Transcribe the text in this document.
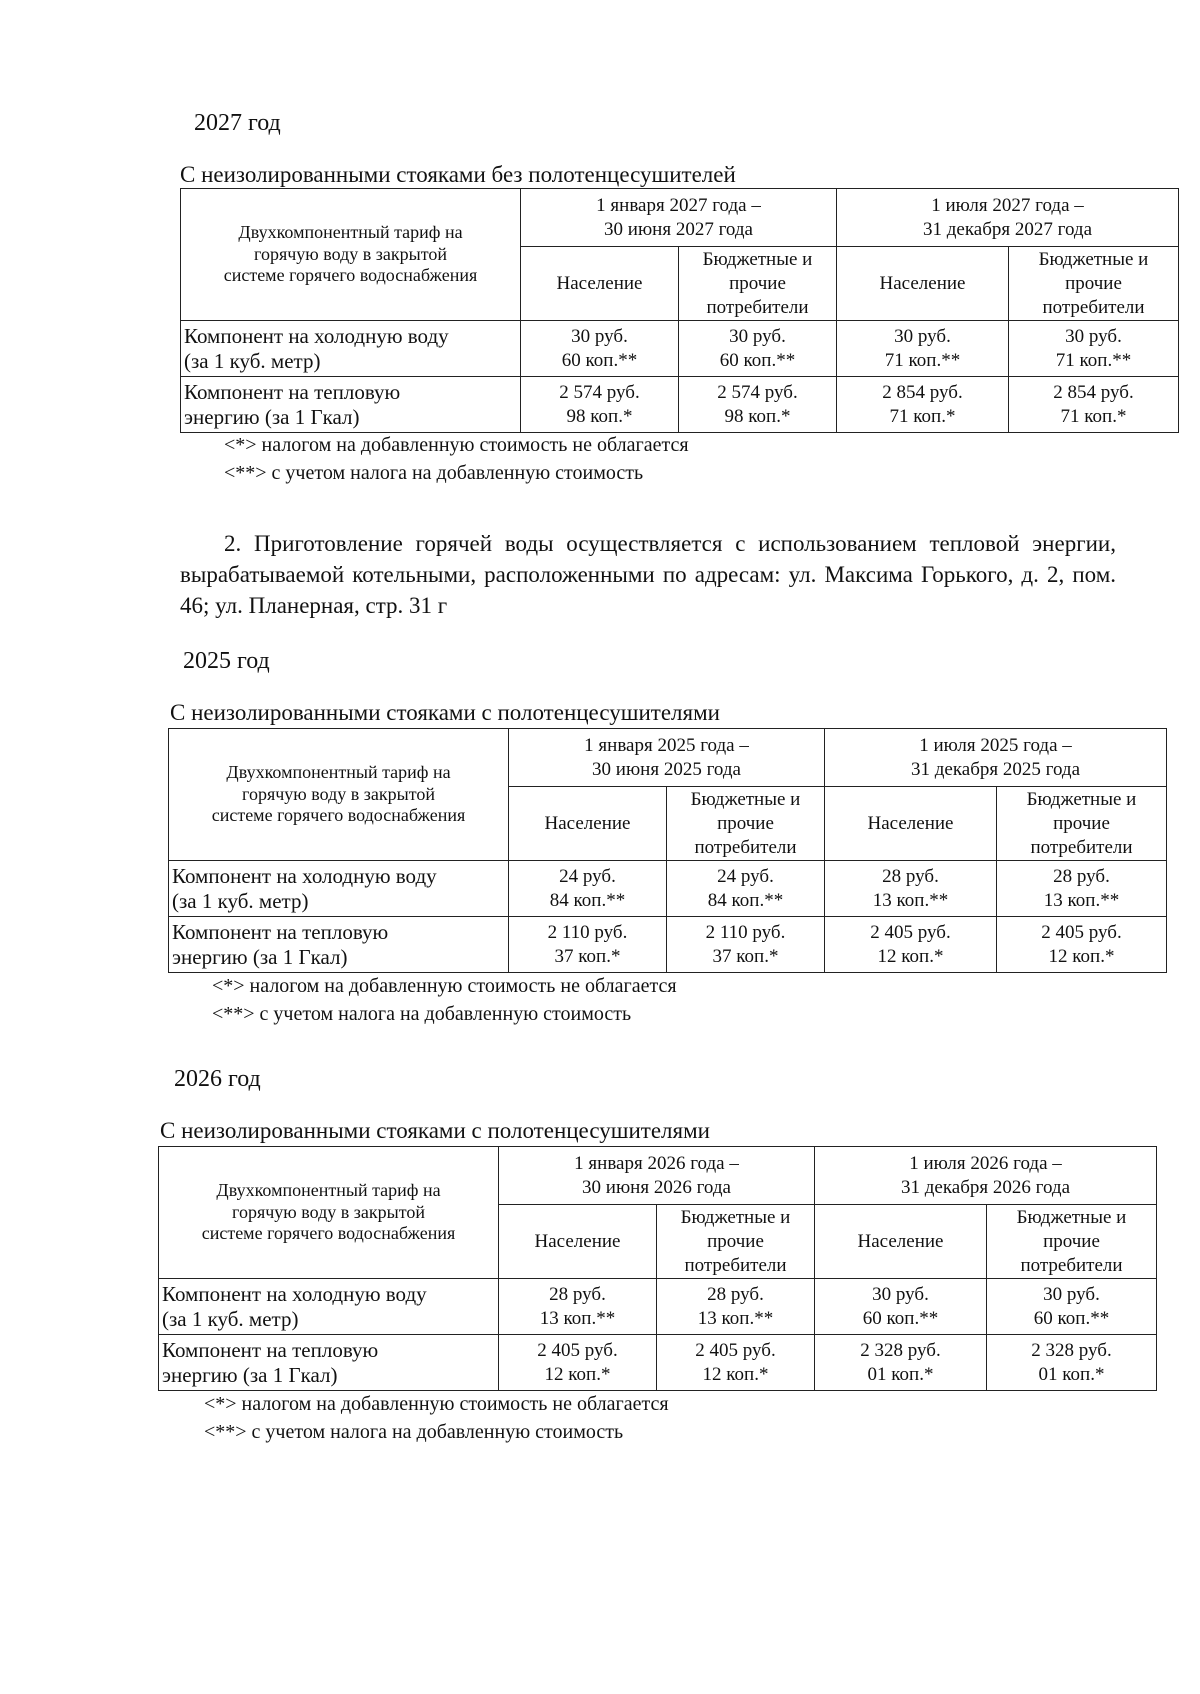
2027 год
С неизолированными стояками без полотенцесушителей
Двухкомпонентный тариф на
горячую воду в закрытой
системе горячего водоснабжения	1 января 2027 года –
30 июня 2027 года		1 июля 2027 года –
31 декабря 2027 года	

	Население	Бюджетные и
прочие
потребители	Население	Бюджетные и
прочие
потребители

Компонент на холодную воду
(за 1 куб. метр)	30 руб.
60 коп.**	30 руб.
60 коп.**	30 руб.
71 коп.**	30 руб.
71 коп.**

Компонент на тепловую
энергию (за 1 Гкал)	2 574 руб.
98 коп.*	2 574 руб.
98 коп.*	2 854 руб.
71 коп.*	2 854 руб.
71 коп.*
<*> налогом на добавленную стоимость не облагается
<**> с учетом налога на добавленную стоимость
2. Приготовление горячей воды осуществляется с использованием тепловой энергии, вырабатываемой котельными, расположенными по адресам: ул. Максима Горького, д. 2, пом. 46; ул. Планерная, стр. 31 г
2025 год
С неизолированными стояками с полотенцесушителями
Двухкомпонентный тариф на
горячую воду в закрытой
системе горячего водоснабжения	1 января 2025 года –
30 июня 2025 года		1 июля 2025 года –
31 декабря 2025 года	

	Население	Бюджетные и
прочие
потребители	Население	Бюджетные и
прочие
потребители

Компонент на холодную воду
(за 1 куб. метр)	24 руб.
84 коп.**	24 руб.
84 коп.**	28 руб.
13 коп.**	28 руб.
13 коп.**

Компонент на тепловую
энергию (за 1 Гкал)	2 110 руб.
37 коп.*	2 110 руб.
37 коп.*	2 405 руб.
12 коп.*	2 405 руб.
12 коп.*
<*> налогом на добавленную стоимость не облагается
<**> с учетом налога на добавленную стоимость
2026 год
С неизолированными стояками с полотенцесушителями
Двухкомпонентный тариф на
горячую воду в закрытой
системе горячего водоснабжения	1 января 2026 года –
30 июня 2026 года		1 июля 2026 года –
31 декабря 2026 года	

	Население	Бюджетные и
прочие
потребители	Население	Бюджетные и
прочие
потребители

Компонент на холодную воду
(за 1 куб. метр)	28 руб.
13 коп.**	28 руб.
13 коп.**	30 руб.
60 коп.**	30 руб.
60 коп.**

Компонент на тепловую
энергию (за 1 Гкал)	2 405 руб.
12 коп.*	2 405 руб.
12 коп.*	2 328 руб.
01 коп.*	2 328 руб.
01 коп.*
<*> налогом на добавленную стоимость не облагается
<**> с учетом налога на добавленную стоимость
